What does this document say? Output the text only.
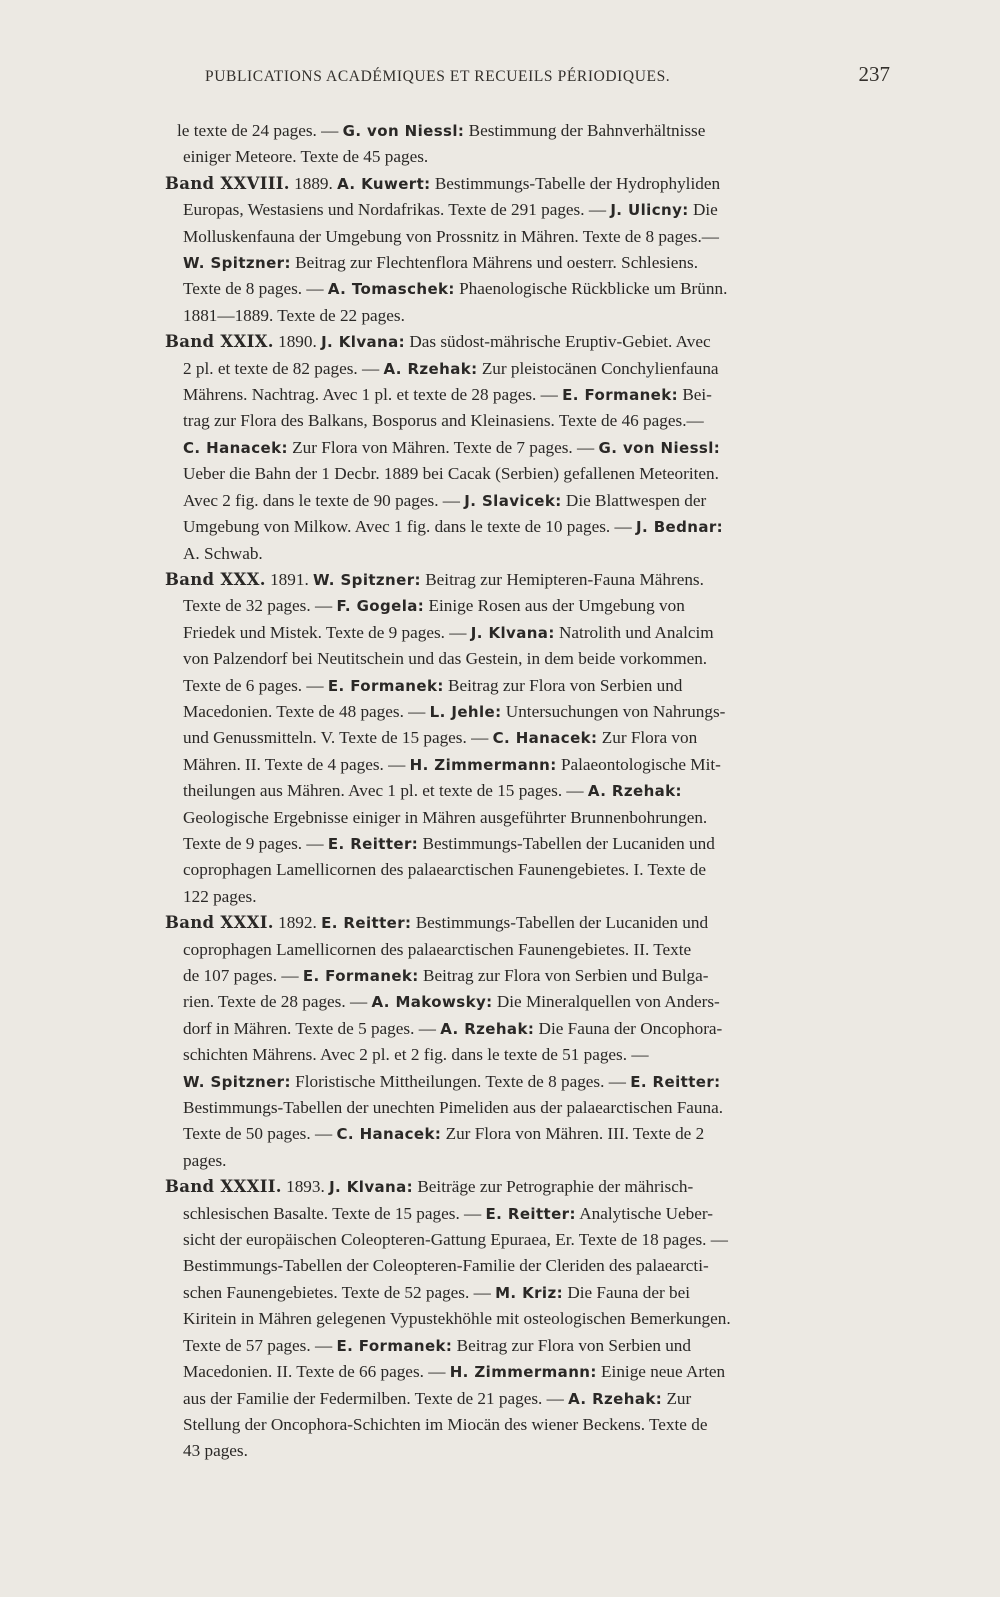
PUBLICATIONS ACADÉMIQUES ET RECUEILS PÉRIODIQUES.	237
le texte de 24 pages. — G. von Niessl: Bestimmung der Bahnverhältnisse
einiger Meteore. Texte de 45 pages.
Band XXVIII. 1889. A. Kuwert: Bestimmungs-Tabelle der Hydrophyliden
Europas, Westasiens und Nordafrikas. Texte de 291 pages. — J. Ulicny: Die
Molluskenfauna der Umgebung von Prossnitz in Mähren. Texte de 8 pages.—
W. Spitzner: Beitrag zur Flechtenflora Mährens und oesterr. Schlesiens.
Texte de 8 pages. — A. Tomaschek: Phaenologische Rückblicke um Brünn.
1881—1889. Texte de 22 pages.
Band XXIX. 1890. J. Klvana: Das südost-mährische Eruptiv-Gebiet. Avec
2 pl. et texte de 82 pages. — A. Rzehak: Zur pleistocänen Conchylienfauna
Mährens. Nachtrag. Avec 1 pl. et texte de 28 pages. — E. Formanek: Bei-
trag zur Flora des Balkans, Bosporus and Kleinasiens. Texte de 46 pages.—
C. Hanacek: Zur Flora von Mähren. Texte de 7 pages. — G. von Niessl:
Ueber die Bahn der 1 Decbr. 1889 bei Cacak (Serbien) gefallenen Meteoriten.
Avec 2 fig. dans le texte de 90 pages. — J. Slavicek: Die Blattwespen der
Umgebung von Milkow. Avec 1 fig. dans le texte de 10 pages. — J. Bednar:
A. Schwab.
Band XXX. 1891. W. Spitzner: Beitrag zur Hemipteren-Fauna Mährens.
Texte de 32 pages. — F. Gogela: Einige Rosen aus der Umgebung von
Friedek und Mistek. Texte de 9 pages. — J. Klvana: Natrolith und Analcim
von Palzendorf bei Neutitschein und das Gestein, in dem beide vorkommen.
Texte de 6 pages. — E. Formanek: Beitrag zur Flora von Serbien und
Macedonien. Texte de 48 pages. — L. Jehle: Untersuchungen von Nahrungs-
und Genussmitteln. V. Texte de 15 pages. — C. Hanacek: Zur Flora von
Mähren. II. Texte de 4 pages. — H. Zimmermann: Palaeontologische Mit-
theilungen aus Mähren. Avec 1 pl. et texte de 15 pages. — A. Rzehak:
Geologische Ergebnisse einiger in Mähren ausgeführter Brunnenbohrungen.
Texte de 9 pages. — E. Reitter: Bestimmungs-Tabellen der Lucaniden und
coprophagen Lamellicornen des palaearctischen Faunengebietes. I. Texte de
122 pages.
Band XXXI. 1892. E. Reitter: Bestimmungs-Tabellen der Lucaniden und
coprophagen Lamellicornen des palaearctischen Faunengebietes. II. Texte
de 107 pages. — E. Formanek: Beitrag zur Flora von Serbien und Bulga-
rien. Texte de 28 pages. — A. Makowsky: Die Mineralquellen von Anders-
dorf in Mähren. Texte de 5 pages. — A. Rzehak: Die Fauna der Oncophora-
schichten Mährens. Avec 2 pl. et 2 fig. dans le texte de 51 pages. —
W. Spitzner: Floristische Mittheilungen. Texte de 8 pages. — E. Reitter:
Bestimmungs-Tabellen der unechten Pimeliden aus der palaearctischen Fauna.
Texte de 50 pages. — C. Hanacek: Zur Flora von Mähren. III. Texte de 2
pages.
Band XXXII. 1893. J. Klvana: Beiträge zur Petrographie der mährisch-
schlesischen Basalte. Texte de 15 pages. — E. Reitter: Analytische Ueber-
sicht der europäischen Coleopteren-Gattung Epuraea, Er. Texte de 18 pages. —
Bestimmungs-Tabellen der Coleopteren-Familie der Cleriden des palaearcti-
schen Faunengebietes. Texte de 52 pages. — M. Kriz: Die Fauna der bei
Kiritein in Mähren gelegenen Vypustekhöhle mit osteologischen Bemerkungen.
Texte de 57 pages. — E. Formanek: Beitrag zur Flora von Serbien und
Macedonien. II. Texte de 66 pages. — H. Zimmermann: Einige neue Arten
aus der Familie der Federmilben. Texte de 21 pages. — A. Rzehak: Zur
Stellung der Oncophora-Schichten im Miocän des wiener Beckens. Texte de
43 pages.
